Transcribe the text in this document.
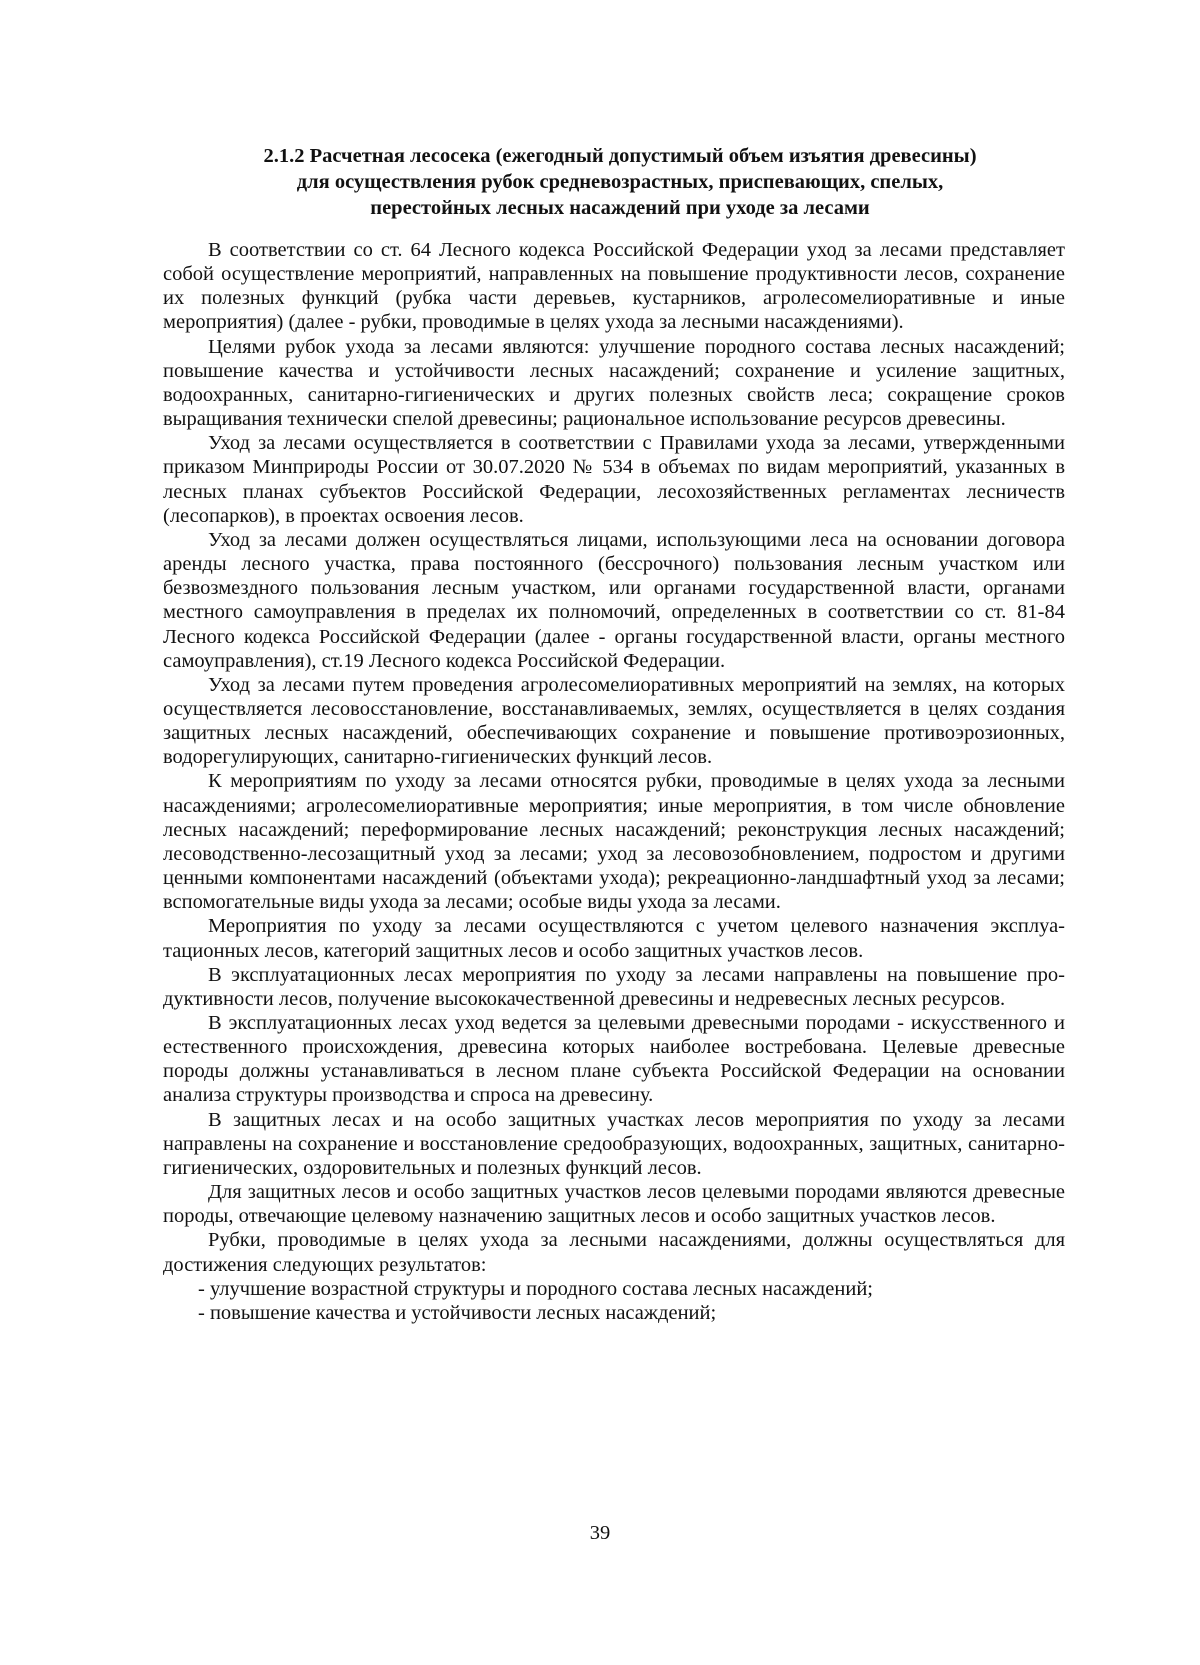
2.1.2 Расчетная лесосека (ежегодный допустимый объем изъятия древесины)
для осуществления рубок средневозрастных, приспевающих, спелых,
перестойных лесных насаждений при уходе за лесами

В соответствии со ст. 64 Лесного кодекса Российской Федерации уход за лесами представляет собой осуществление мероприятий, направленных на повышение продуктивности лесов, сохранение их полезных функций (рубка части деревьев, кустарников, агролесомелиоративные и иные мероприятия) (далее - рубки, проводимые в целях ухода за лесными насаждениями).

Целями рубок ухода за лесами являются: улучшение породного состава лесных насаждений; повышение качества и устойчивости лесных насаждений; сохранение и усиление защитных, водоохранных, санитарно-гигиенических и других полезных свойств леса; сокращение сроков выращивания технически спелой древесины; рациональное использование ресурсов древесины.

Уход за лесами осуществляется в соответствии с Правилами ухода за лесами, утвержденными приказом Минприроды России от 30.07.2020 № 534 в объемах по видам мероприятий, указанных в лесных планах субъектов Российской Федерации, лесохозяйственных регламентах лесничеств (лесопарков), в проектах освоения лесов.

Уход за лесами должен осуществляться лицами, использующими леса на основании договора аренды лесного участка, права постоянного (бессрочного) пользования лесным участком или безвозмездного пользования лесным участком, или органами государственной власти, органами местного самоуправления в пределах их полномочий, определенных в соответствии со ст. 81-84 Лесного кодекса Российской Федерации (далее - органы государственной власти, органы местного самоуправления), ст.19 Лесного кодекса Российской Федерации.

Уход за лесами путем проведения агролесомелиоративных мероприятий на землях, на которых осуществляется лесовосстановление, восстанавливаемых, землях, осуществляется в целях создания защитных лесных насаждений, обеспечивающих сохранение и повышение противоэрозионных, водорегулирующих, санитарно-гигиенических функций лесов.

К мероприятиям по уходу за лесами относятся рубки, проводимые в целях ухода за лесными насаждениями; агролесомелиоративные мероприятия; иные мероприятия, в том числе обновление лесных насаждений; переформирование лесных насаждений; реконструкция лесных насаждений; лесоводственно-лесозащитный уход за лесами; уход за лесовозобновлением, подростом и другими ценными компонентами насаждений (объектами ухода); рекреационно-ландшафтный уход за лесами; вспомогательные виды ухода за лесами; особые виды ухода за лесами.

Мероприятия по уходу за лесами осуществляются с учетом целевого назначения эксплуатационных лесов, категорий защитных лесов и особо защитных участков лесов.

В эксплуатационных лесах мероприятия по уходу за лесами направлены на повышение продуктивности лесов, получение высококачественной древесины и недревесных лесных ресурсов.

В эксплуатационных лесах уход ведется за целевыми древесными породами - искусственного и естественного происхождения, древесина которых наиболее востребована. Целевые древесные породы должны устанавливаться в лесном плане субъекта Российской Федерации на основании анализа структуры производства и спроса на древесину.

В защитных лесах и на особо защитных участках лесов мероприятия по уходу за лесами направлены на сохранение и восстановление средообразующих, водоохранных, защитных, санитарно-гигиенических, оздоровительных и полезных функций лесов.

Для защитных лесов и особо защитных участков лесов целевыми породами являются древесные породы, отвечающие целевому назначению защитных лесов и особо защитных участков лесов.

Рубки, проводимые в целях ухода за лесными насаждениями, должны осуществляться для достижения следующих результатов:

- улучшение возрастной структуры и породного состава лесных насаждений;

- повышение качества и устойчивости лесных насаждений;

39
